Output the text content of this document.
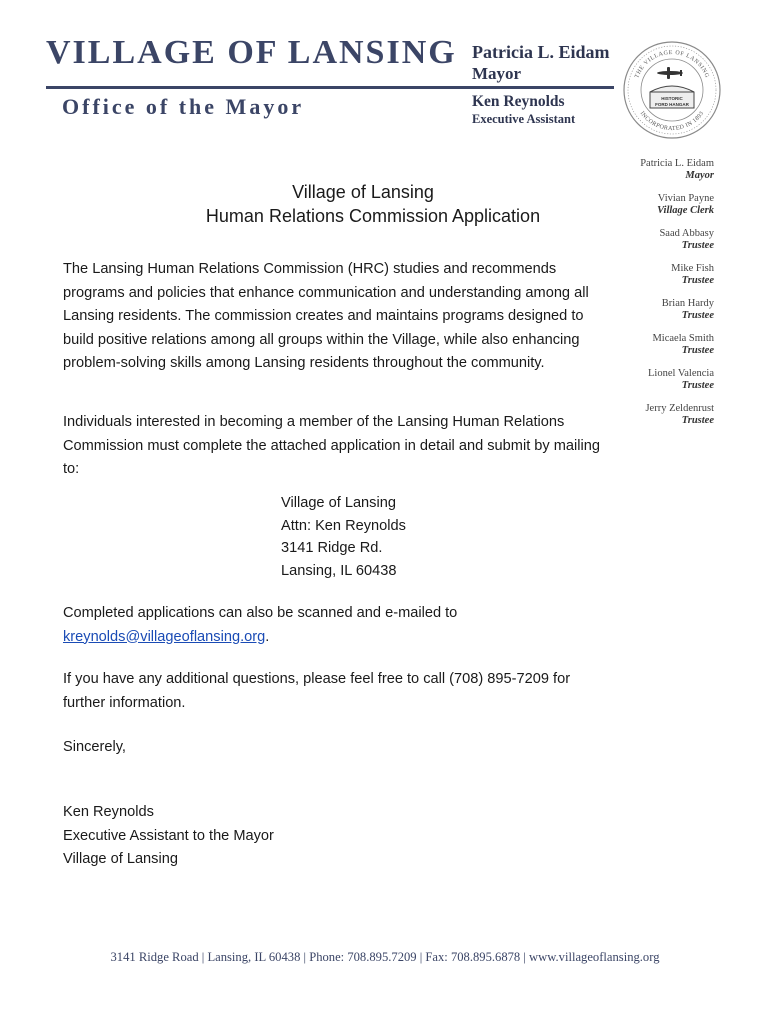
VILLAGE OF LANSING
Office of the Mayor
Patricia L. Eidam
Mayor
Ken Reynolds
Executive Assistant
THE VILLAGE OF LANSING
INCORPORATED IN 1893
HISTORIC
FORD HANGAR
Patricia L. Eidam
Mayor
Vivian Payne
Village Clerk
Saad Abbasy
Trustee
Mike Fish
Trustee
Brian Hardy
Trustee
Micaela Smith
Trustee
Lionel Valencia
Trustee
Jerry Zeldenrust
Trustee
Village of Lansing
Human Relations Commission Application
The Lansing Human Relations Commission (HRC) studies and recommends programs and policies that enhance communication and understanding among all Lansing residents. The commission creates and maintains programs designed to build positive relations among all groups within the Village, while also enhancing problem-solving skills among Lansing residents throughout the community.
Individuals interested in becoming a member of the Lansing Human Relations Commission must complete the attached application in detail and submit by mailing to:
Village of Lansing
Attn: Ken Reynolds
3141 Ridge Rd.
Lansing, IL 60438
Completed applications can also be scanned and e-mailed to
kreynolds@villageoflansing.org.
If you have any additional questions, please feel free to call (708) 895-7209 for further information.
Sincerely,
Ken Reynolds
Executive Assistant to the Mayor
Village of Lansing
3141 Ridge Road | Lansing, IL 60438 | Phone: 708.895.7209 | Fax: 708.895.6878 | www.villageoflansing.org
